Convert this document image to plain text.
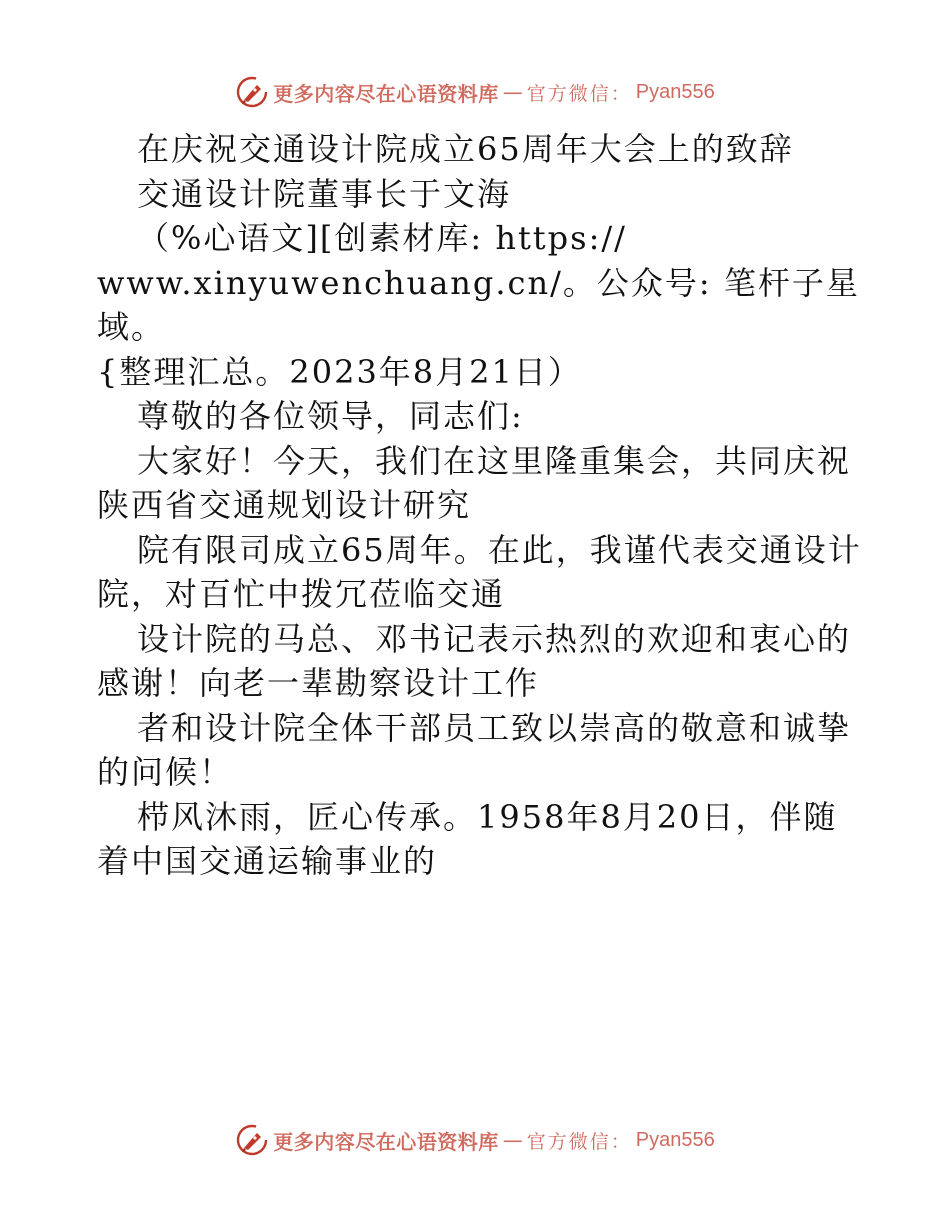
更多内容尽在心语资料库 — 官方微信： Pyan556

在庆祝交通设计院成立65周年大会上的致辞

交通设计院董事长于文海

（%心语文][创素材库: https://

www.xinyuwenchuang.cn/。公众号: 笔杆子星域。

{整理汇总。2023年8月21日）

尊敬的各位领导，同志们:

大家好！今天，我们在这里隆重集会，共同庆祝陕西省交通规划设计研究

院有限司成立65周年。在此，我谨代表交通设计院，对百忙中拨冗莅临交通

设计院的马总、邓书记表示热烈的欢迎和衷心的感谢！向老一辈勘察设计工作

者和设计院全体干部员工致以崇高的敬意和诚挚的问候！

栉风沐雨，匠心传承。1958年8月20日，伴随着中国交通运输事业的

更多内容尽在心语资料库 — 官方微信： Pyan556
